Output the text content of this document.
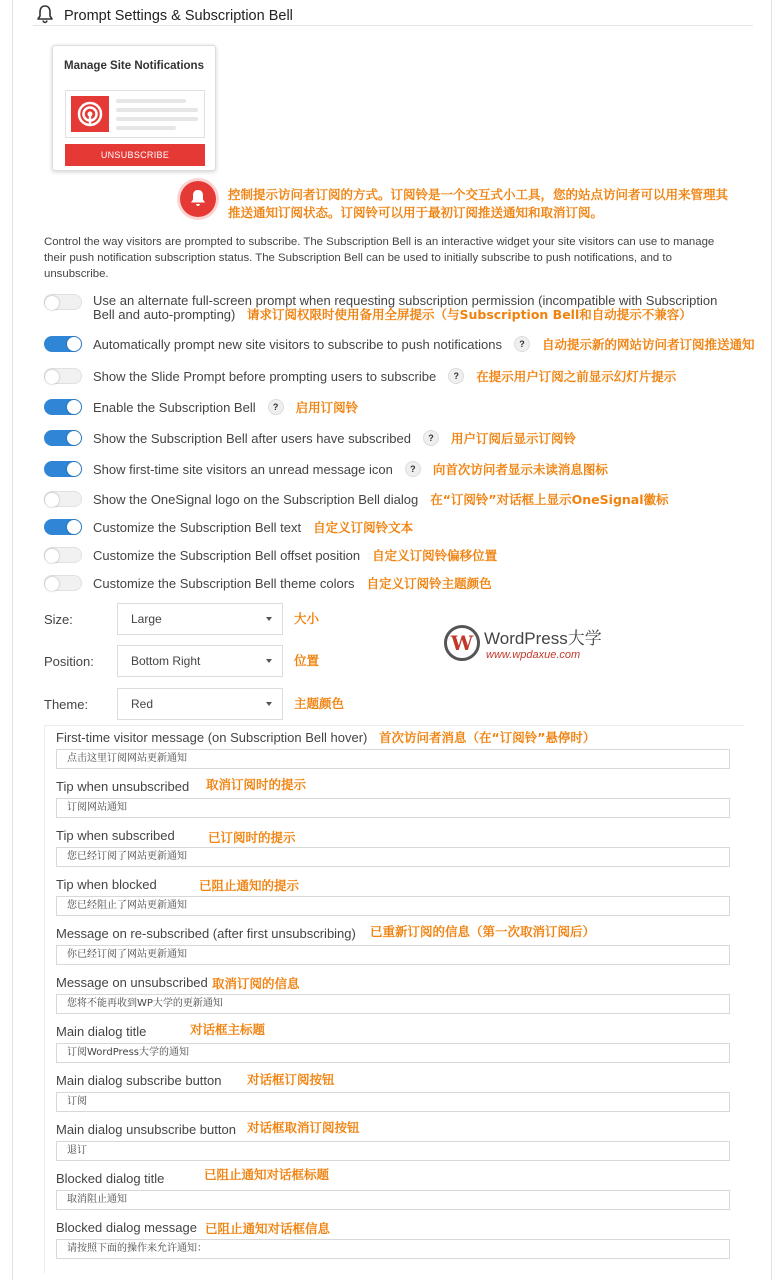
Prompt Settings & Subscription Bell
Manage Site Notifications
UNSUBSCRIBE
控制提示访问者订阅的方式。订阅铃是一个交互式小工具，您的站点访问者可以用来管理其推送通知订阅状态。订阅铃可以用于最初订阅推送通知和取消订阅。
Control the way visitors are prompted to subscribe. The Subscription Bell is an interactive widget your site visitors can use to manage their push notification subscription status. The Subscription Bell can be used to initially subscribe to push notifications, and to unsubscribe.
Use an alternate full-screen prompt when requesting subscription permission (incompatible with Subscription Bell and auto-prompting) 请求订阅权限时使用备用全屏提示（与Subscription Bell和自动提示不兼容）
Automatically prompt new site visitors to subscribe to push notifications	?	自动提示新的网站访问者订阅推送通知
Show the Slide Prompt before prompting users to subscribe	?	在提示用户订阅之前显示幻灯片提示
Enable the Subscription Bell	?	启用订阅铃
Show the Subscription Bell after users have subscribed	?	用户订阅后显示订阅铃
Show first-time site visitors an unread message icon	?	向首次访问者显示未读消息图标
Show the OneSignal logo on the Subscription Bell dialog 在“订阅铃”对话框上显示OneSignal徽标
Customize the Subscription Bell text 自定义订阅铃文本
Customize the Subscription Bell offset position 自定义订阅铃偏移位置
Customize the Subscription Bell theme colors 自定义订阅铃主题颜色
Size:	Large	大小
Position:	Bottom Right	位置
Theme:	Red	主题颜色
W
WordPress大学
www.wpdaxue.com
First-time visitor message (on Subscription Bell hover) 首次访问者消息（在“订阅铃”悬停时）
点击这里订阅网站更新通知
Tip when unsubscribed 取消订阅时的提示
订阅网站通知
Tip when subscribed	已订阅时的提示
您已经订阅了网站更新通知
Tip when blocked	已阻止通知的提示
您已经阻止了网站更新通知
Message on re-subscribed (after first unsubscribing) 已重新订阅的信息（第一次取消订阅后）
你已经订阅了网站更新通知
Message on unsubscribed 取消订阅的信息
您将不能再收到WP大学的更新通知
Main dialog title	对话框主标题
订阅WordPress大学的通知
Main dialog subscribe button 对话框订阅按钮
订阅
Main dialog unsubscribe button 对话框取消订阅按钮
退订
Blocked dialog title	已阻止通知对话框标题
取消阻止通知
Blocked dialog message 已阻止通知对话框信息
请按照下面的操作来允许通知：
